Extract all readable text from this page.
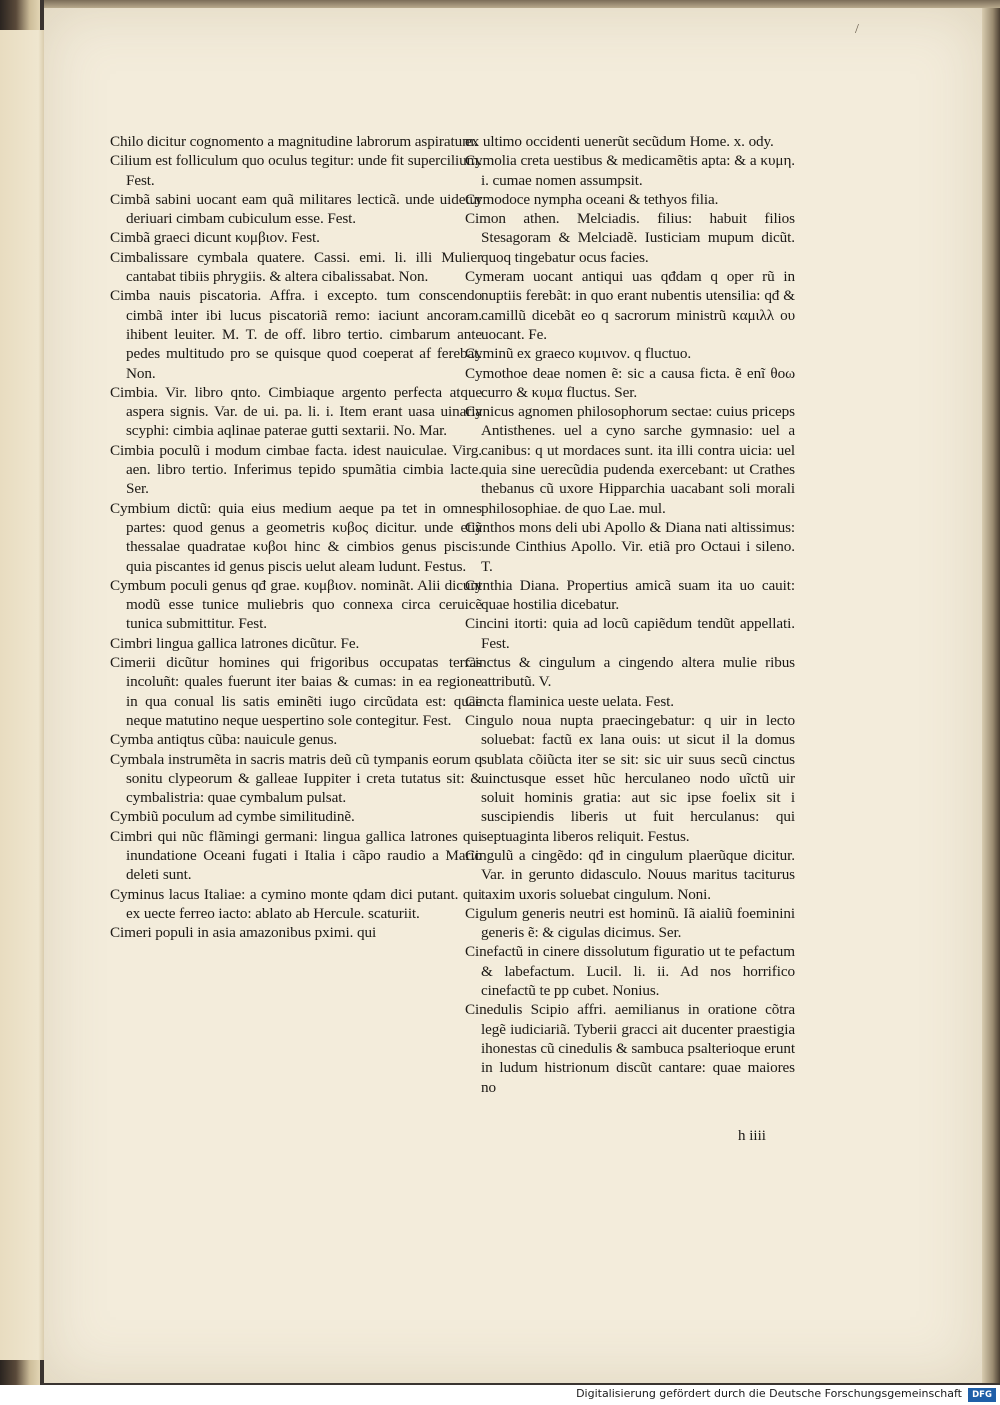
/

Chilo dicitur cognomento a magnitudine labrorum aspiratum.

Cilium est folliculum quo oculus tegitur: unde fit supercilium. Fest.

Cimbã sabini uocant eam quã militares lecticã. unde uidetur deriuari cimbam cubiculum esse. Fest.

Cimbã graeci dicunt κυμβιον. Fest.

Cimbalissare cymbala quatere. Cassi. emi. li. illi Mulier cantabat tibiis phrygiis. & altera cibalissabat. Non.

Cimba nauis piscatoria. Affra. i excepto. tum conscendo cimbã inter ibi lucus piscatoriã remo: iaciunt ancoram. ihibent leuiter. M. T. de off. libro tertio. cimbarum ante pedes multitudo pro se quisque quod coeperat af ferebat. Non.

Cimbia. Vir. libro qnto. Cimbiaque argento perfecta atque aspera signis. Var. de ui. pa. li. i. Item erant uasa uinaria scyphi: cimbia aqlinae paterae gutti sextarii. No. Mar.

Cimbia poculũ i modum cimbae facta. idest nauiculae. Virg. aen. libro tertio. Inferimus tepido spumãtia cimbia lacte. Ser.

Cymbium dictũ: quia eius medium aeque pa tet in omnes partes: quod genus a geometris κυβος dicitur. unde etiã thessalae quadratae κυβοι hinc & cimbios genus piscis: quia piscantes id genus piscis uelut aleam ludunt. Festus.

Cymbum poculi genus qđ grae. κυμβιον. nominãt. Alii dicunt modũ esse tunice muliebris quo connexa circa ceruicẽ tunica submittitur. Fest.

Cimbri lingua gallica latrones dicũtur. Fe.

Cimerii dicũtur homines qui frigoribus occupatas terras incoluñt: quales fuerunt iter baias & cumas: in ea regione in qua conual lis satis eminẽti iugo circũdata est: quae neque matutino neque uespertino sole contegitur. Fest.

Cymba antiqtus cũba: nauicule genus.

Cymbala instrumẽta in sacris matris deũ cũ tympanis eorum q sonitu clypeorum & galleae Iuppiter i creta tutatus sit: & cymbalistria: quae cymbalum pulsat.

Cymbiũ poculum ad cymbe similitudinẽ.

Cimbri qui nũc flãmingi germani: lingua gallica latrones qui inundatione Oceani fugati i Italia i cãpo raudio a Mario deleti sunt.

Cyminus lacus Italiae: a cymino monte qdam dici putant. qui ex uecte ferreo iacto: ablato ab Hercule. scaturiit.

Cimeri populi in asia amazonibus pximi. qui

ex ultimo occidenti uenerũt secũdum Home. x. ody.

Cymolia creta uestibus & medicamẽtis apta: & a κυμη. i. cumae nomen assumpsit.

Cymodoce nympha oceani & tethyos filia.

Cimon athen. Melciadis. filius: habuit filios Stesagoram & Melciadẽ. Iusticiam mupum dicũt. quoq tingebatur ocus facies.

Cymeram uocant antiqui uas qđdam q oper rũ in nuptiis ferebãt: in quo erant nubentis utensilia: qđ & camillũ dicebãt eo q sacrorum ministrũ καμιλλ ου uocant. Fe.

Cyminũ ex graeco κυμινον. q fluctuo.

Cymothoe deae nomen ẽ: sic a causa ficta. ẽ enĩ θοω curro & κυμα fluctus. Ser.

Cynicus agnomen philosophorum sectae: cuius priceps Antisthenes. uel a cyno sarche gymnasio: uel a canibus: q ut mordaces sunt. ita illi contra uicia: uel quia sine uerecũdia pudenda exercebant: ut Crathes thebanus cũ uxore Hipparchia uacabant soli morali philosophiae. de quo Lae. mul.

Cynthos mons deli ubi Apollo & Diana nati altissimus: unde Cinthius Apollo. Vir. etiã pro Octaui i sileno. T.

Cynthia Diana. Propertius amicã suam ita uo cauit: quae hostilia dicebatur.

Cincini itorti: quia ad locũ capiẽdum tendũt appellati. Fest.

Cinctus & cingulum a cingendo altera mulie ribus attributũ. V.

Cincta flaminica ueste uelata. Fest.

Cingulo noua nupta praecingebatur: q uir in lecto soluebat: factũ ex lana ouis: ut sicut il la domus sublata cõiũcta iter se sit: sic uir suus secũ cinctus uinctusque esset hũc herculaneo nodo uĩctũ uir soluit hominis gratia: aut sic ipse foelix sit i suscipiendis liberis ut fuit herculanus: qui septuaginta liberos reliquit. Festus.

Cingulũ a cingẽdo: qđ in cingulum plaerũque dicitur. Var. in gerunto didasculo. Nouus maritus taciturus taxim uxoris soluebat cingulum. Noni.

Cigulum generis neutri est hominũ. Iã aialiũ foeminini generis ẽ: & cigulas dicimus. Ser.

Cinefactũ in cinere dissolutum figuratio ut te pefactum & labefactum. Lucil. li. ii. Ad nos horrifico cinefactũ te pp cubet. Nonius.

Cinedulis Scipio affri. aemilianus in oratione cõtra legẽ iudiciariã. Tyberii gracci ait ducenter praestigia ihonestas cũ cinedulis & sambuca psalterioque erunt in ludum histrionum discũt cantare: quae maiores no

h iiii
Digitalisierung gefördert durch die Deutsche Forschungsgemeinschaft	DFG
